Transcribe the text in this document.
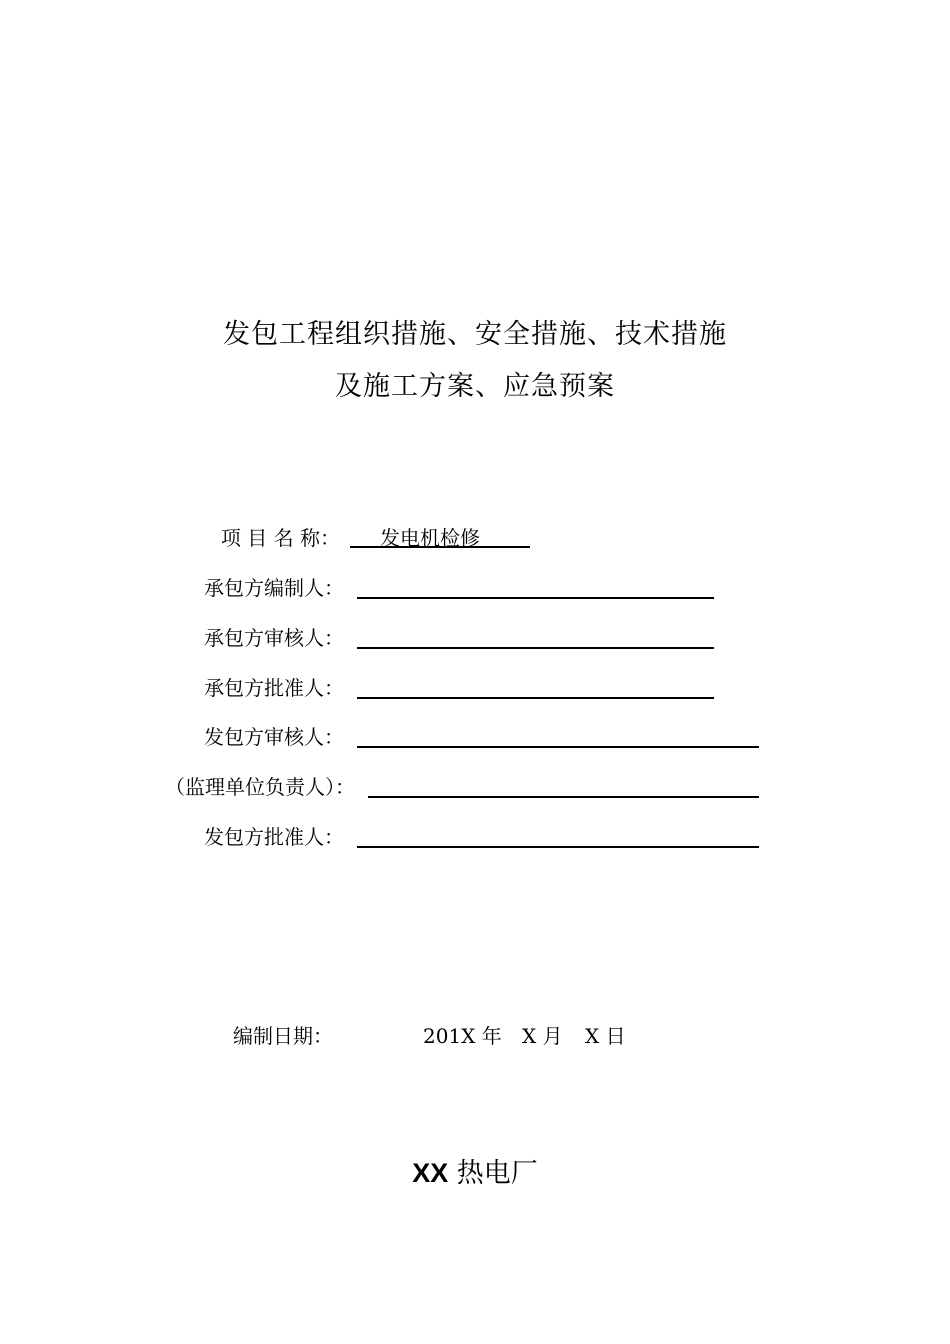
发包工程组织措施、安全措施、技术措施
及施工方案、应急预案
项 目 名 称：	发电机检修
承包方编制人：
承包方审核人：
承包方批准人：
发包方审核人：
（监理单位负责人）：
发包方批准人：
编制日期：	201X 年 X 月 X 日
XX 热电厂
